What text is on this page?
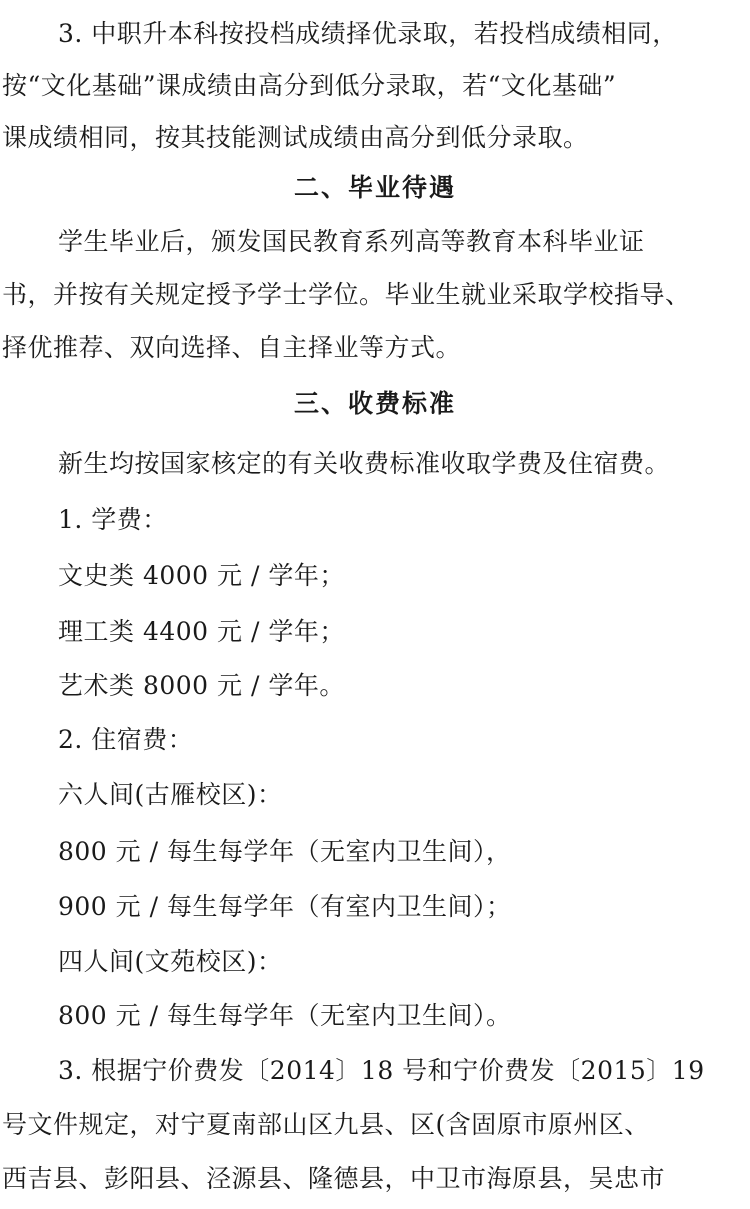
3. 中职升本科按投档成绩择优录取，若投档成绩相同，
按“文化基础”课成绩由高分到低分录取，若“文化基础”
课成绩相同，按其技能测试成绩由高分到低分录取。
二、毕业待遇
学生毕业后，颁发国民教育系列高等教育本科毕业证
书，并按有关规定授予学士学位。毕业生就业采取学校指导、
择优推荐、双向选择、自主择业等方式。
三、收费标准
新生均按国家核定的有关收费标准收取学费及住宿费。
1. 学费：
文史类 4000 元 / 学年；
理工类 4400 元 / 学年；
艺术类 8000 元 / 学年。
2. 住宿费：
六人间(古雁校区)：
800 元 / 每生每学年（无室内卫生间），
900 元 / 每生每学年（有室内卫生间）；
四人间(文苑校区)：
800 元 / 每生每学年（无室内卫生间）。
3. 根据宁价费发〔2014〕18 号和宁价费发〔2015〕19
号文件规定，对宁夏南部山区九县、区(含固原市原州区、
西吉县、彭阳县、泾源县、隆德县，中卫市海原县，吴忠市
